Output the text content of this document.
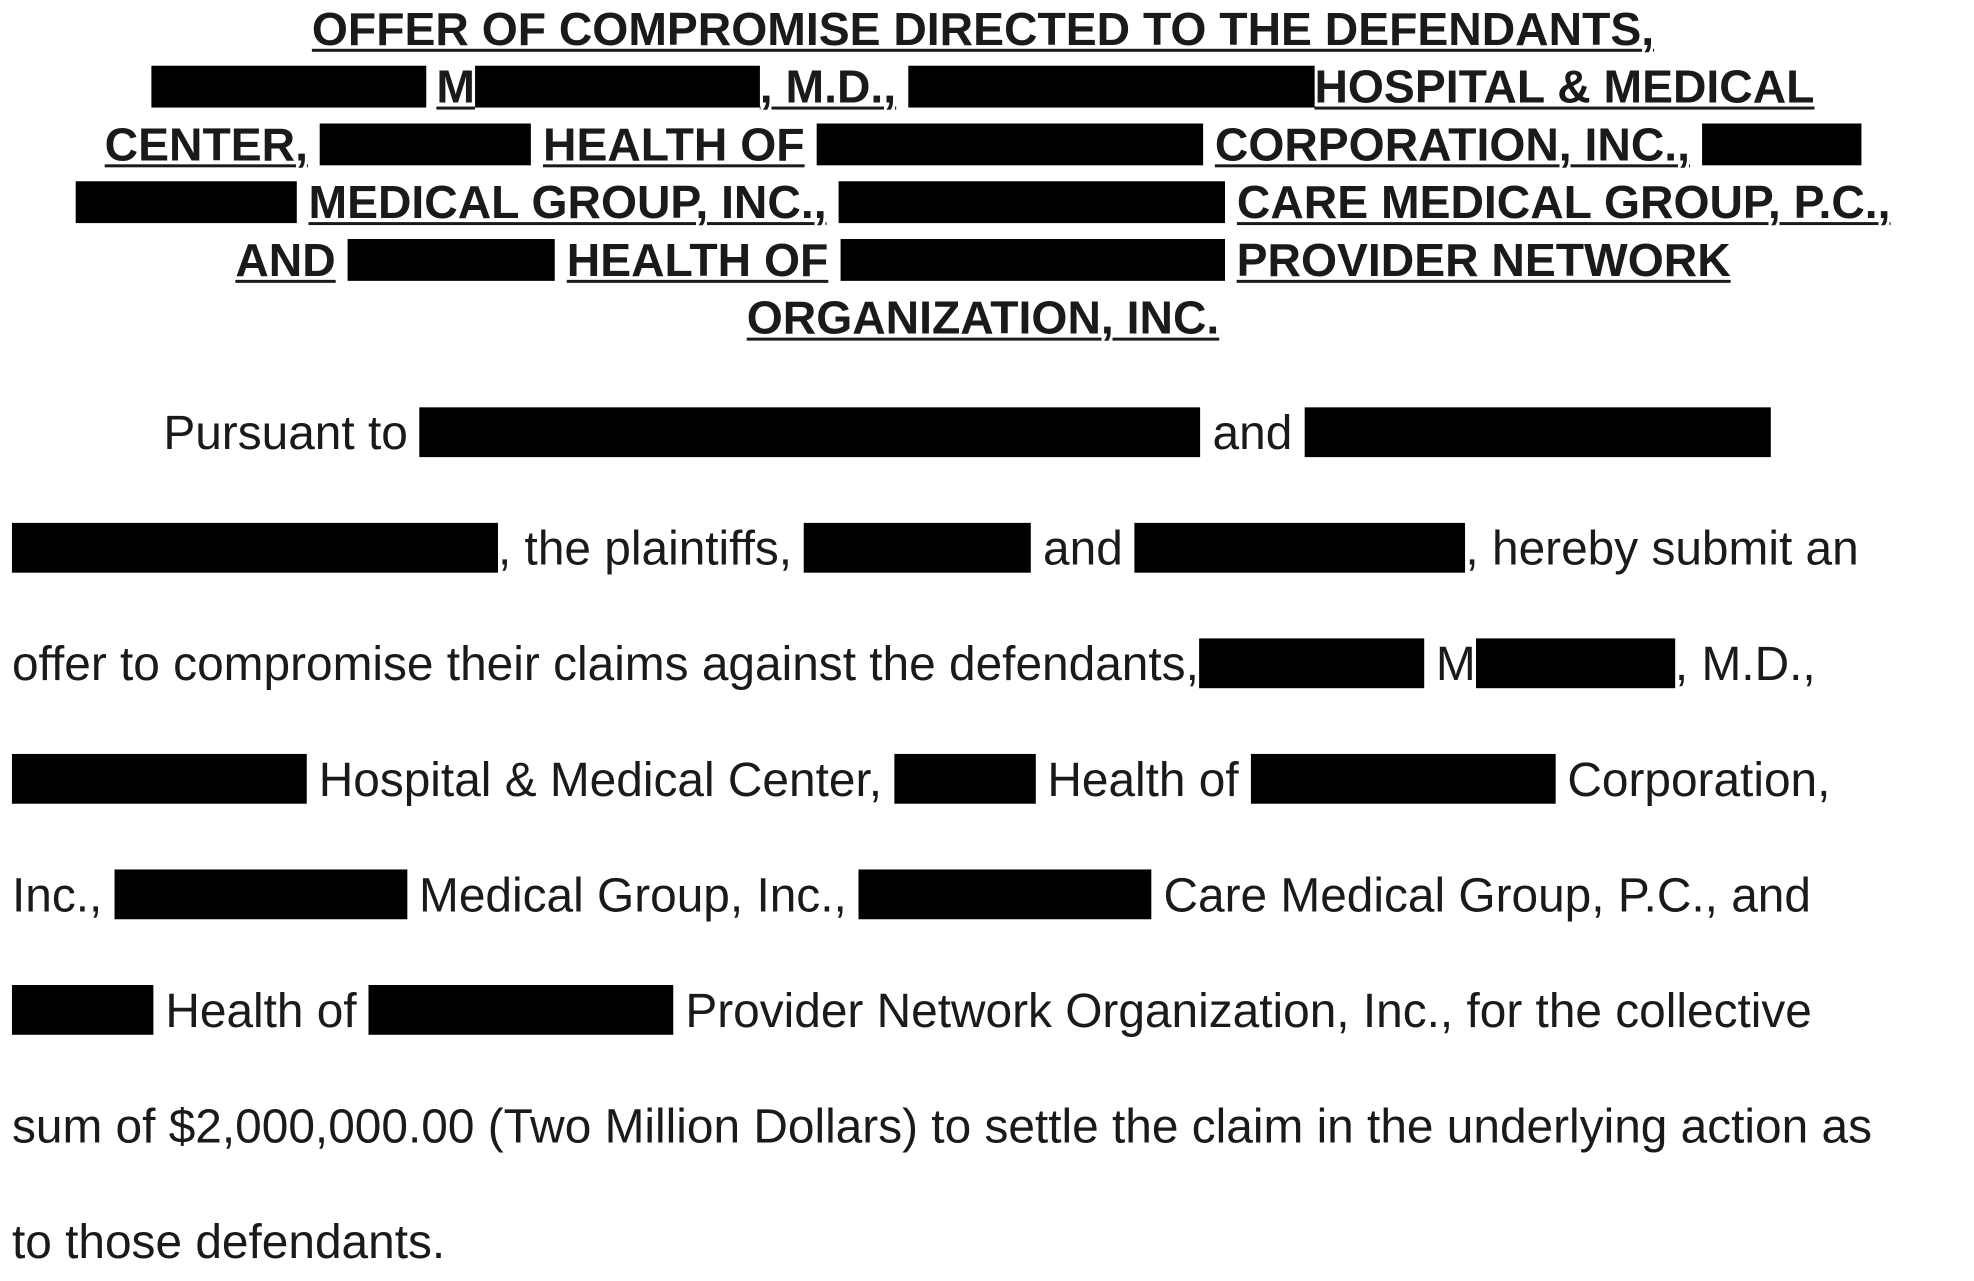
OFFER OF COMPROMISE DIRECTED TO THE DEFENDANTS,
M	, M.D.,	HOSPITAL & MEDICAL
CENTER,	HEALTH OF	CORPORATION, INC.,
MEDICAL GROUP, INC.,	CARE MEDICAL GROUP, P.C.,
AND	HEALTH OF	PROVIDER NETWORK
ORGANIZATION, INC.
Pursuant to	and
, the plaintiffs,	and	, hereby submit an
offer to compromise their claims against the defendants,	M	, M.D.,
Hospital & Medical Center,	Health of	Corporation,
Inc.,	Medical Group, Inc.,	Care Medical Group, P.C., and
Health of	Provider Network Organization, Inc., for the collective
sum of $2,000,000.00 (Two Million Dollars) to settle the claim in the underlying action as
to those defendants.
